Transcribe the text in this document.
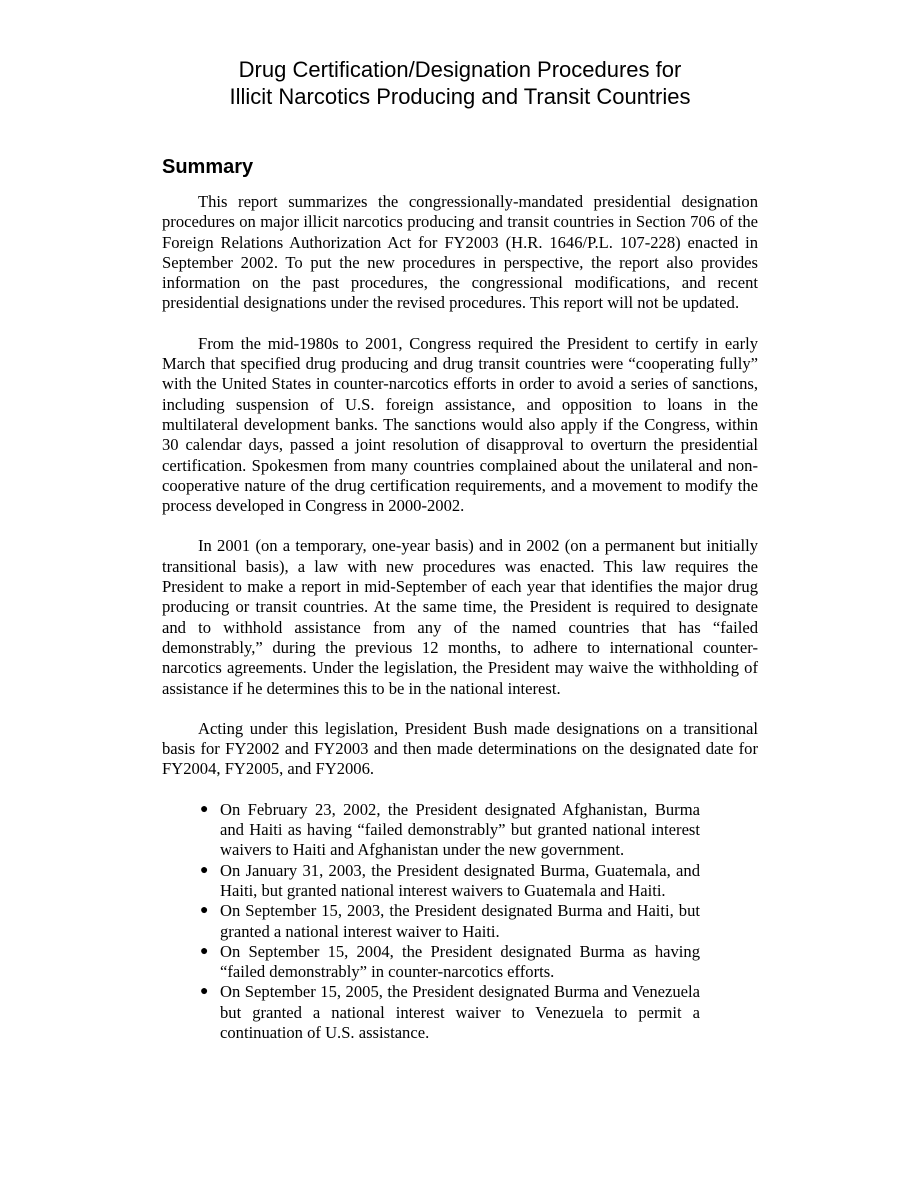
Drug Certification/Designation Procedures for
Illicit Narcotics Producing and Transit Countries
Summary

This report summarizes the congressionally-mandated presidential designation procedures on major illicit narcotics producing and transit countries in Section 706 of the Foreign Relations Authorization Act for FY2003 (H.R. 1646/P.L. 107-228) enacted in September 2002. To put the new procedures in perspective, the report also provides information on the past procedures, the congressional modifications, and recent presidential designations under the revised procedures. This report will not be updated.

From the mid-1980s to 2001, Congress required the President to certify in early March that specified drug producing and drug transit countries were “cooperating fully” with the United States in counter-narcotics efforts in order to avoid a series of sanctions, including suspension of U.S. foreign assistance, and opposition to loans in the multilateral development banks. The sanctions would also apply if the Congress, within 30 calendar days, passed a joint resolution of disapproval to overturn the presidential certification. Spokesmen from many countries complained about the unilateral and non-cooperative nature of the drug certification requirements, and a movement to modify the process developed in Congress in 2000-2002.

In 2001 (on a temporary, one-year basis) and in 2002 (on a permanent but initially transitional basis), a law with new procedures was enacted. This law requires the President to make a report in mid-September of each year that identifies the major drug producing or transit countries. At the same time, the President is required to designate and to withhold assistance from any of the named countries that has “failed demonstrably,” during the previous 12 months, to adhere to international counter-narcotics agreements. Under the legislation, the President may waive the withholding of assistance if he determines this to be in the national interest.

Acting under this legislation, President Bush made designations on a transitional basis for FY2002 and FY2003 and then made determinations on the designated date for FY2004, FY2005, and FY2006.

● On February 23, 2002, the President designated Afghanistan, Burma and Haiti as having “failed demonstrably” but granted national interest waivers to Haiti and Afghanistan under the new government.
● On January 31, 2003, the President designated Burma, Guatemala, and Haiti, but granted national interest waivers to Guatemala and Haiti.
● On September 15, 2003, the President designated Burma and Haiti, but granted a national interest waiver to Haiti.
● On September 15, 2004, the President designated Burma as having “failed demonstrably” in counter-narcotics efforts.
● On September 15, 2005, the President designated Burma and Venezuela but granted a national interest waiver to Venezuela to permit a continuation of U.S. assistance.
